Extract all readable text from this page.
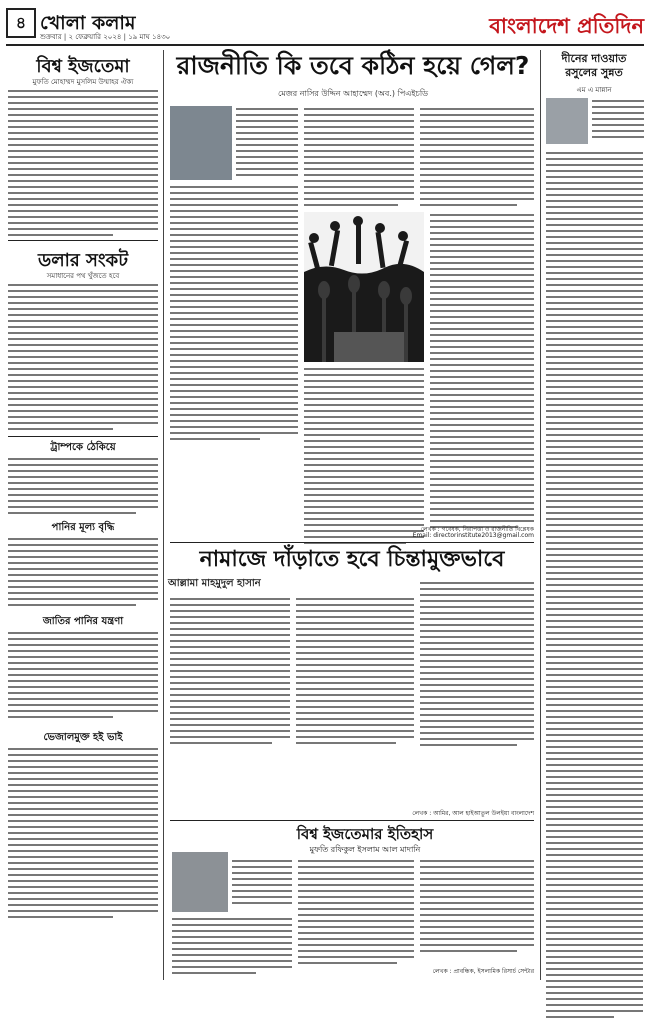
৪ খোলা কলাম
শুক্রবার | ২ ফেব্রুয়ারি ২০২৪ | ১৯ মাঘ ১৪৩০	বাংলাদেশ প্রতিদিন
বিশ্ব ইজতেমা
মুফতি মোহাম্মদ মুসলিম উম্মাহর ঐক্য
ডলার সংকট
সমাধানের পথ খুঁজতে হবে
ট্রাম্পকে ঠেকিয়ে
পানির মূল্য বৃদ্ধি
জাতির পানির যন্ত্রণা
ভেজালমুক্ত হই ভাই
দীনের দাওয়াত রসুলের সুন্নত
এম এ মান্নান
রাজনীতি কি তবে কঠিন হয়ে গেল?
মেজর নাসির উদ্দিন আহাম্মেদ (অব.) পিএইচডি
লেখক : গবেষক, নিরাপত্তা ও রাজনীতি বিশ্লেষক
Email: directorinstitute2013@gmail.com
নামাজে দাঁড়াতে হবে চিন্তামুক্তভাবে
আল্লামা মাহমুদুল হাসান
লেখক : আমির, আল হাইআতুল উলইয়া বাংলাদেশ
বিশ্ব ইজতেমার ইতিহাস
মুফতি রফিকুল ইসলাম আল মাদানি
লেখক : প্রাবন্ধিক, ইসলামিক রিসার্চ সেন্টার
